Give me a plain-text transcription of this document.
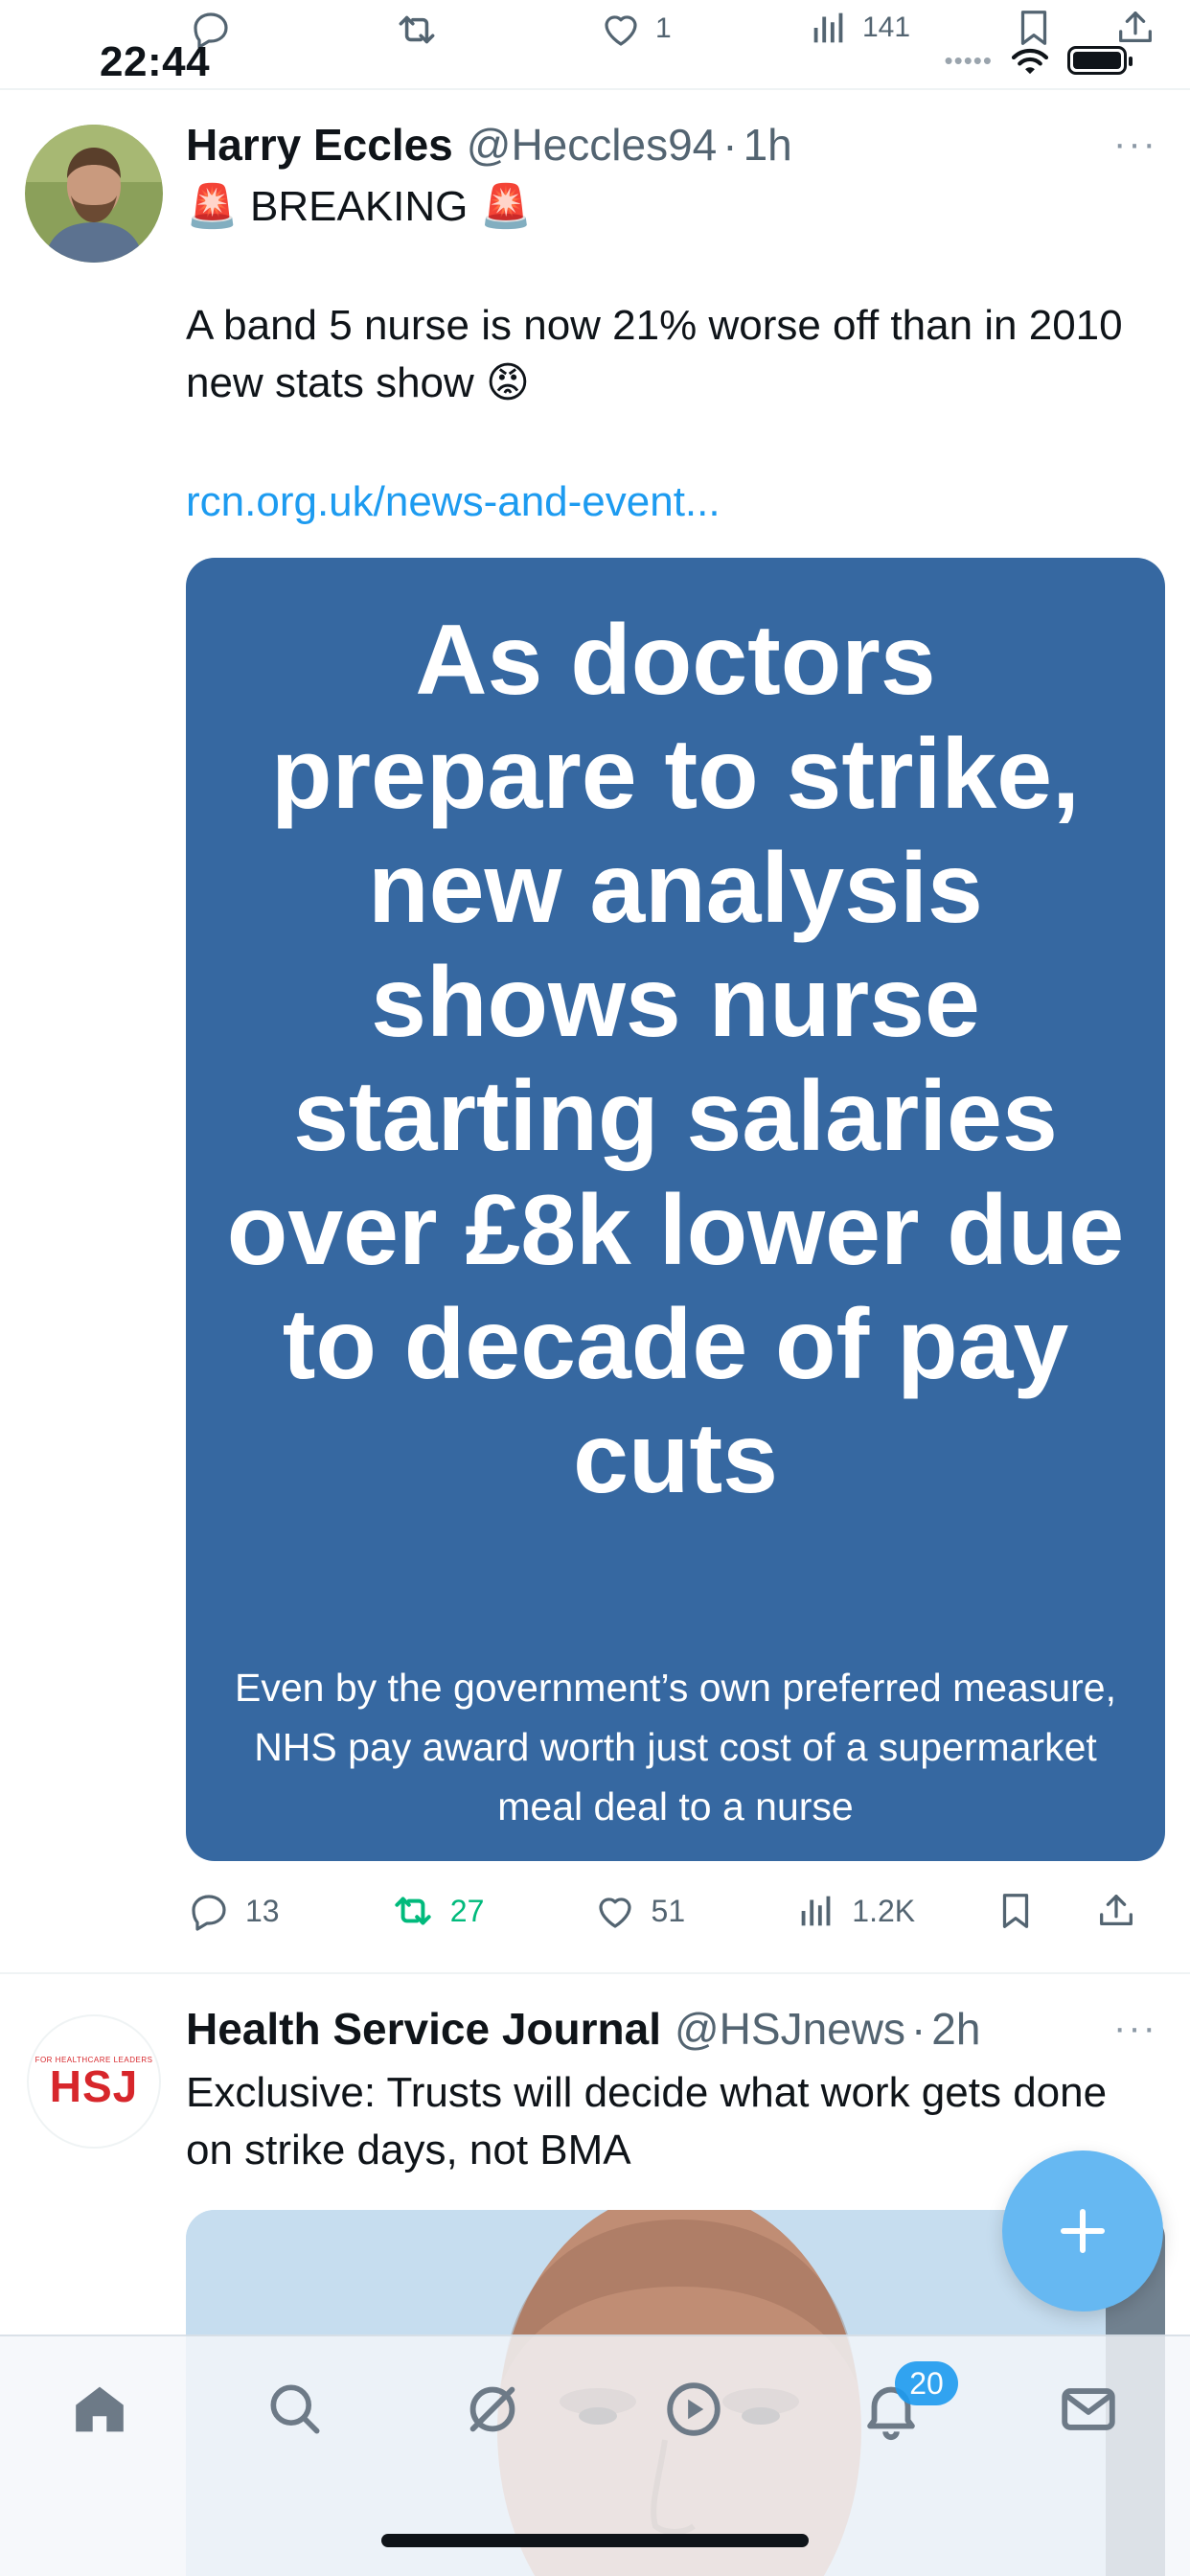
1	141
22:44	•••••
Harry Eccles @Heccles94 · 1h	···
🚨 BREAKING 🚨
A band 5 nurse is now 21% worse off than in 2010 new stats show 😡
rcn.org.uk/news-and-event...
As doctors prepare to strike, new analysis shows nurse starting salaries over £8k lower due to decade of pay cuts
Even by the government’s own preferred measure, NHS pay award worth just cost of a supermarket meal deal to a nurse
13	27	51	1.2K
FOR HEALTHCARE LEADERS
HSJ
Health Service Journal @HSJnews · 2h	···
Exclusive: Trusts will decide what work gets done on strike days, not BMA
20
